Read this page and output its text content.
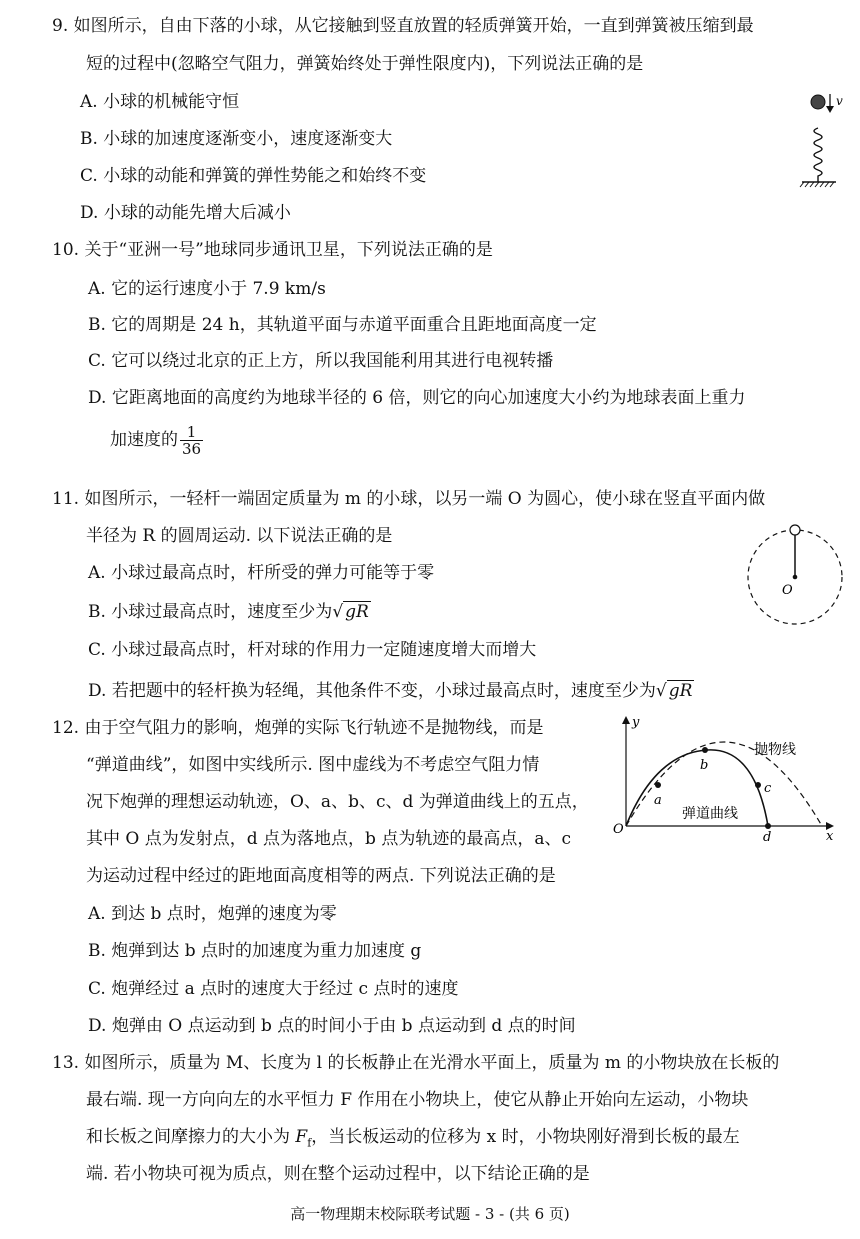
9. 如图所示，自由下落的小球，从它接触到竖直放置的轻质弹簧开始，一直到弹簧被压缩到最
短的过程中(忽略空气阻力，弹簧始终处于弹性限度内)，下列说法正确的是
A. 小球的机械能守恒
B. 小球的加速度逐渐变小，速度逐渐变大
C. 小球的动能和弹簧的弹性势能之和始终不变
D. 小球的动能先增大后减小
v
10. 关于“亚洲一号”地球同步通讯卫星，下列说法正确的是
A. 它的运行速度小于 7.9 km/s
B. 它的周期是 24 h，其轨道平面与赤道平面重合且距地面高度一定
C. 它可以绕过北京的正上方，所以我国能利用其进行电视转播
D. 它距离地面的高度约为地球半径的 6 倍，则它的向心加速度大小约为地球表面上重力
加速度的 $\frac{1}{36}$
11. 如图所示，一轻杆一端固定质量为 m 的小球，以另一端 O 为圆心，使小球在竖直平面内做
半径为 R 的圆周运动. 以下说法正确的是
A. 小球过最高点时，杆所受的弹力可能等于零
B. 小球过最高点时，速度至少为√ gR
C. 小球过最高点时，杆对球的作用力一定随速度增大而增大
D. 若把题中的轻杆换为轻绳，其他条件不变，小球过最高点时，速度至少为√ gR
O
12. 由于空气阻力的影响，炮弹的实际飞行轨迹不是抛物线，而是
“弹道曲线”，如图中实线所示. 图中虚线为不考虑空气阻力情
况下炮弹的理想运动轨迹，O、a、b、c、d 为弹道曲线上的五点，
其中 O 点为发射点，d 点为落地点，b 点为轨迹的最高点，a、c
为运动过程中经过的距地面高度相等的两点. 下列说法正确的是
A. 到达 b 点时，炮弹的速度为零
B. 炮弹到达 b 点时的加速度为重力加速度 g
C. 炮弹经过 a 点时的速度大于经过 c 点时的速度
D. 炮弹由 O 点运动到 b 点的时间小于由 b 点运动到 d 点的时间
y
x
O
抛物线
弹道曲线
a
b
c
d
13. 如图所示，质量为 M、长度为 l 的长板静止在光滑水平面上，质量为 m 的小物块放在长板的
最右端. 现一方向向左的水平恒力 F 作用在小物块上，使它从静止开始向左运动，小物块
和长板之间摩擦力的大小为 $F_f$，当长板运动的位移为 x 时，小物块刚好滑到长板的最左
端. 若小物块可视为质点，则在整个运动过程中，以下结论正确的是
高一物理期末校际联考试题 - 3 - (共 6 页)
